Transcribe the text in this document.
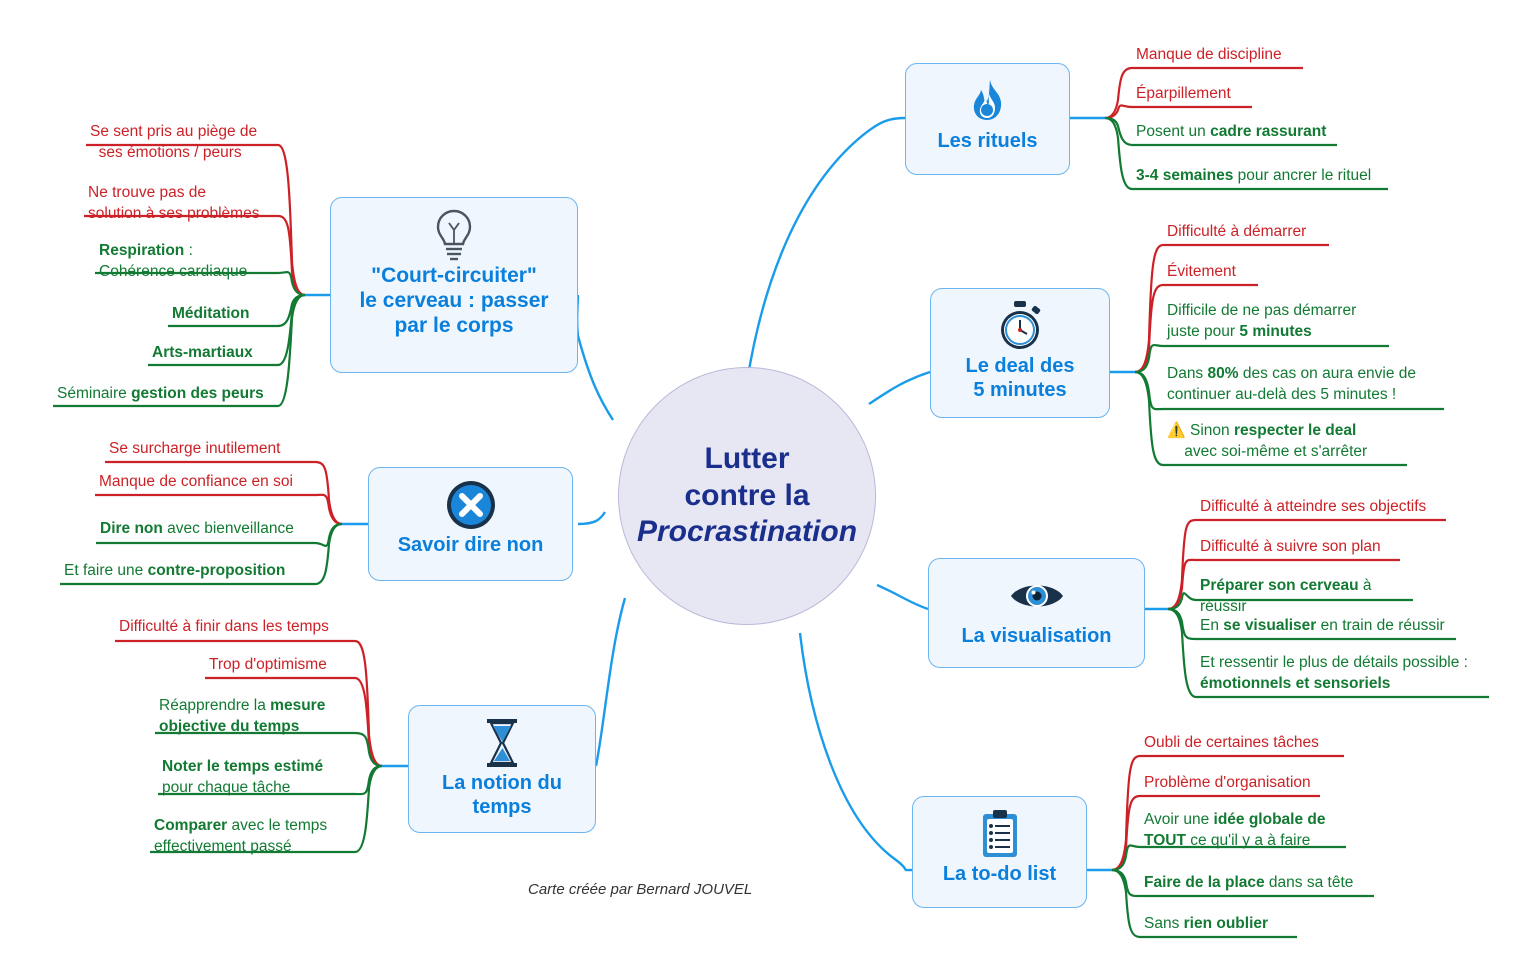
Lutter
contre la
Procrastination
Les rituels
Manque de discipline
Éparpillement
Posent un cadre rassurant
3-4 semaines pour ancrer le rituel
Le deal des
5 minutes
Difficulté à démarrer
Évitement
Difficile de ne pas démarrer
juste pour 5 minutes
Dans 80% des cas on aura envie de
continuer au-delà des 5 minutes !
⚠️ Sinon respecter le deal
avec soi-même et s'arrêter
La visualisation
Difficulté à atteindre ses objectifs
Difficulté à suivre son plan
Préparer son cerveau à réussir
En se visualiser en train de réussir
Et ressentir le plus de détails possible :
émotionnels et sensoriels
La to-do list
Oubli de certaines tâches
Problème d'organisation
Avoir une idée globale de
TOUT ce qu'il y a à faire
Faire de la place dans sa tête
Sans rien oublier
"Court-circuiter"
le cerveau : passer
par le corps
Se sent pris au piège de
ses émotions / peurs
Ne trouve pas de
solution à ses problèmes
Respiration :
Cohérence cardiaque
Méditation
Arts-martiaux
Séminaire gestion des peurs
Savoir dire non
Se surcharge inutilement
Manque de confiance en soi
Dire non avec bienveillance
Et faire une contre-proposition
La notion du
temps
Difficulté à finir dans les temps
Trop d'optimisme
Réapprendre la mesure
objective du temps
Noter le temps estimé
pour chaque tâche
Comparer avec le temps
effectivement passé
Carte créée par Bernard JOUVEL
